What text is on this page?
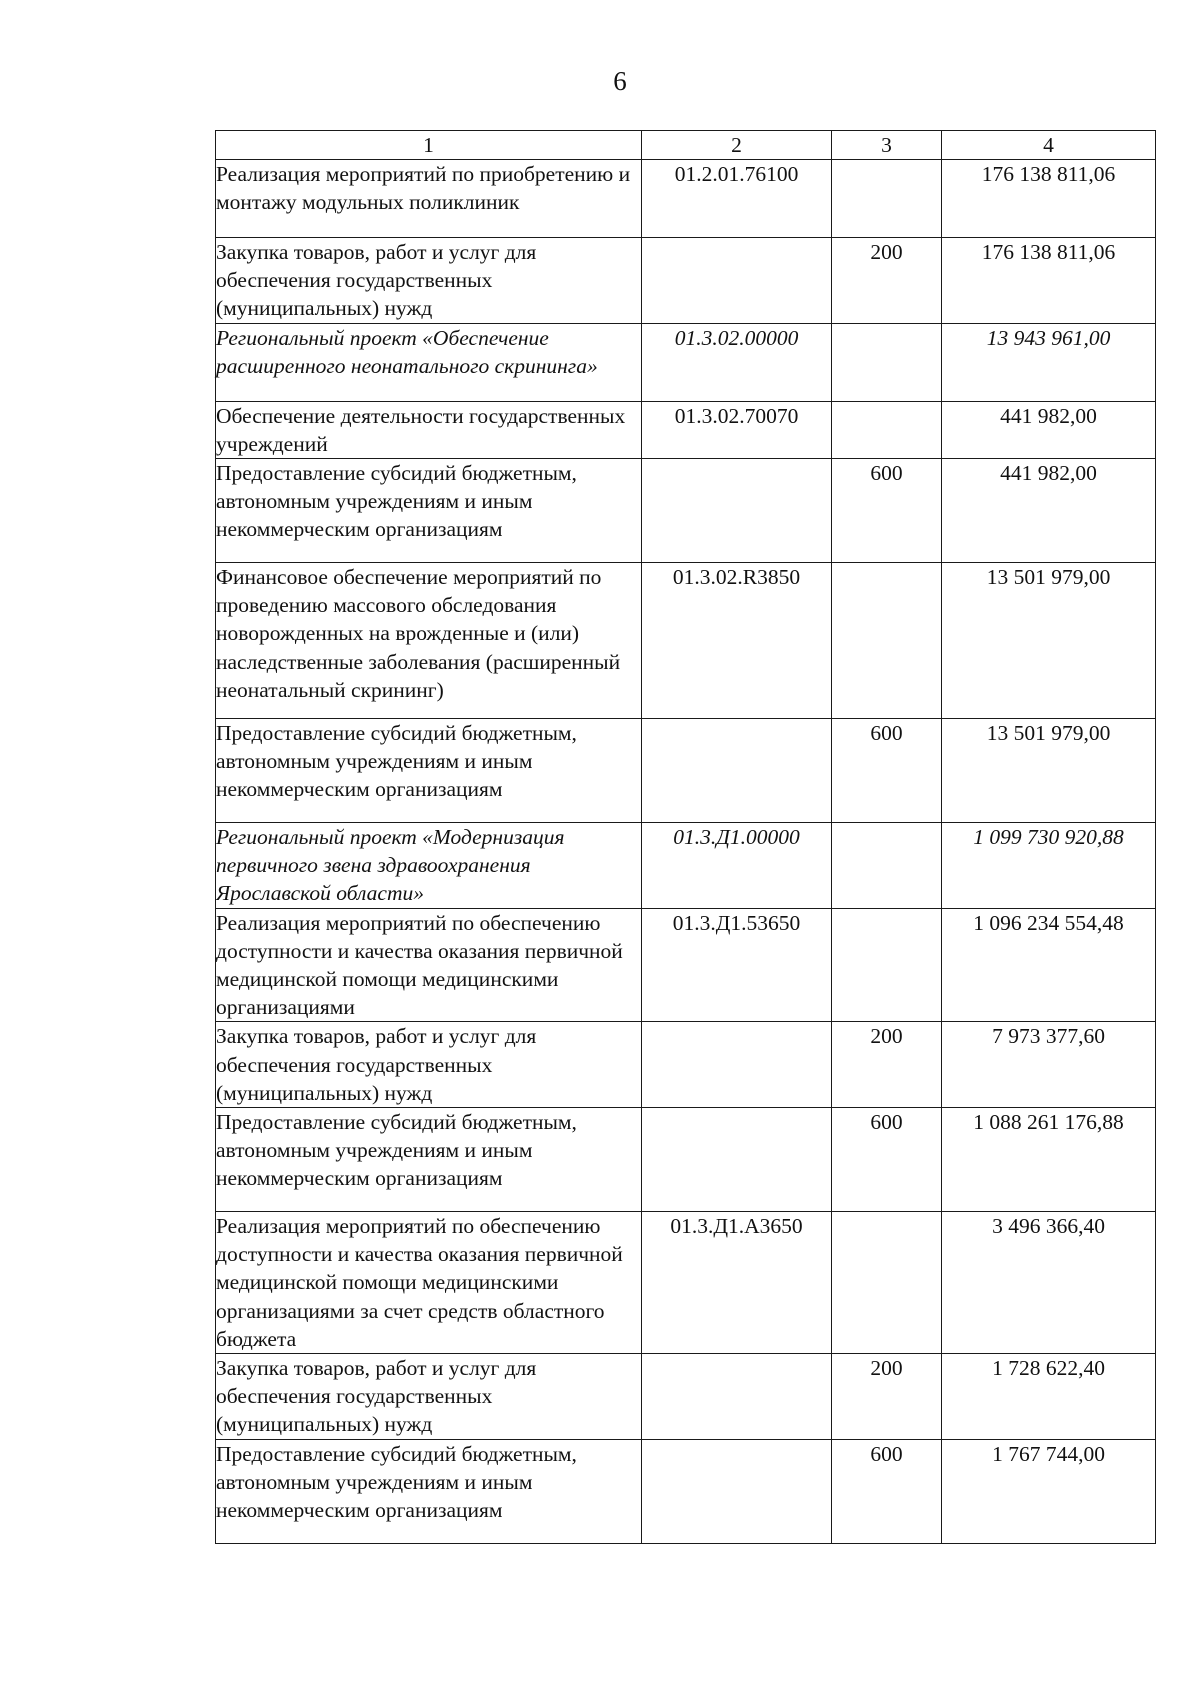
6
1	2	3	4
Реализация мероприятий по приобретению и монтажу модульных поликлиник	01.2.01.76100		176 138 811,06
Закупка товаров, работ и услуг для обеспечения государственных (муниципальных) нужд		200	176 138 811,06
Региональный проект «Обеспечение расширенного неонатального скрининга»	01.3.02.00000		13 943 961,00
Обеспечение деятельности государственных учреждений	01.3.02.70070		441 982,00
Предоставление субсидий бюджетным, автономным учреждениям и иным некоммерческим организациям		600	441 982,00
Финансовое обеспечение мероприятий по проведению массового обследования новорожденных на врожденные и (или) наследственные заболевания (расширенный неонатальный скрининг)	01.3.02.R3850		13 501 979,00
Предоставление субсидий бюджетным, автономным учреждениям и иным некоммерческим организациям		600	13 501 979,00
Региональный проект «Модернизация первичного звена здравоохранения Ярославской области»	01.3.Д1.00000		1 099 730 920,88
Реализация мероприятий по обеспечению доступности и качества оказания первичной медицинской помощи медицинскими организациями	01.3.Д1.53650		1 096 234 554,48
Закупка товаров, работ и услуг для обеспечения государственных (муниципальных) нужд		200	7 973 377,60
Предоставление субсидий бюджетным, автономным учреждениям и иным некоммерческим организациям		600	1 088 261 176,88
Реализация мероприятий по обеспечению доступности и качества оказания первичной медицинской помощи медицинскими организациями за счет средств областного бюджета	01.3.Д1.А3650		3 496 366,40
Закупка товаров, работ и услуг для обеспечения государственных (муниципальных) нужд		200	1 728 622,40
Предоставление субсидий бюджетным, автономным учреждениям и иным некоммерческим организациям		600	1 767 744,00
